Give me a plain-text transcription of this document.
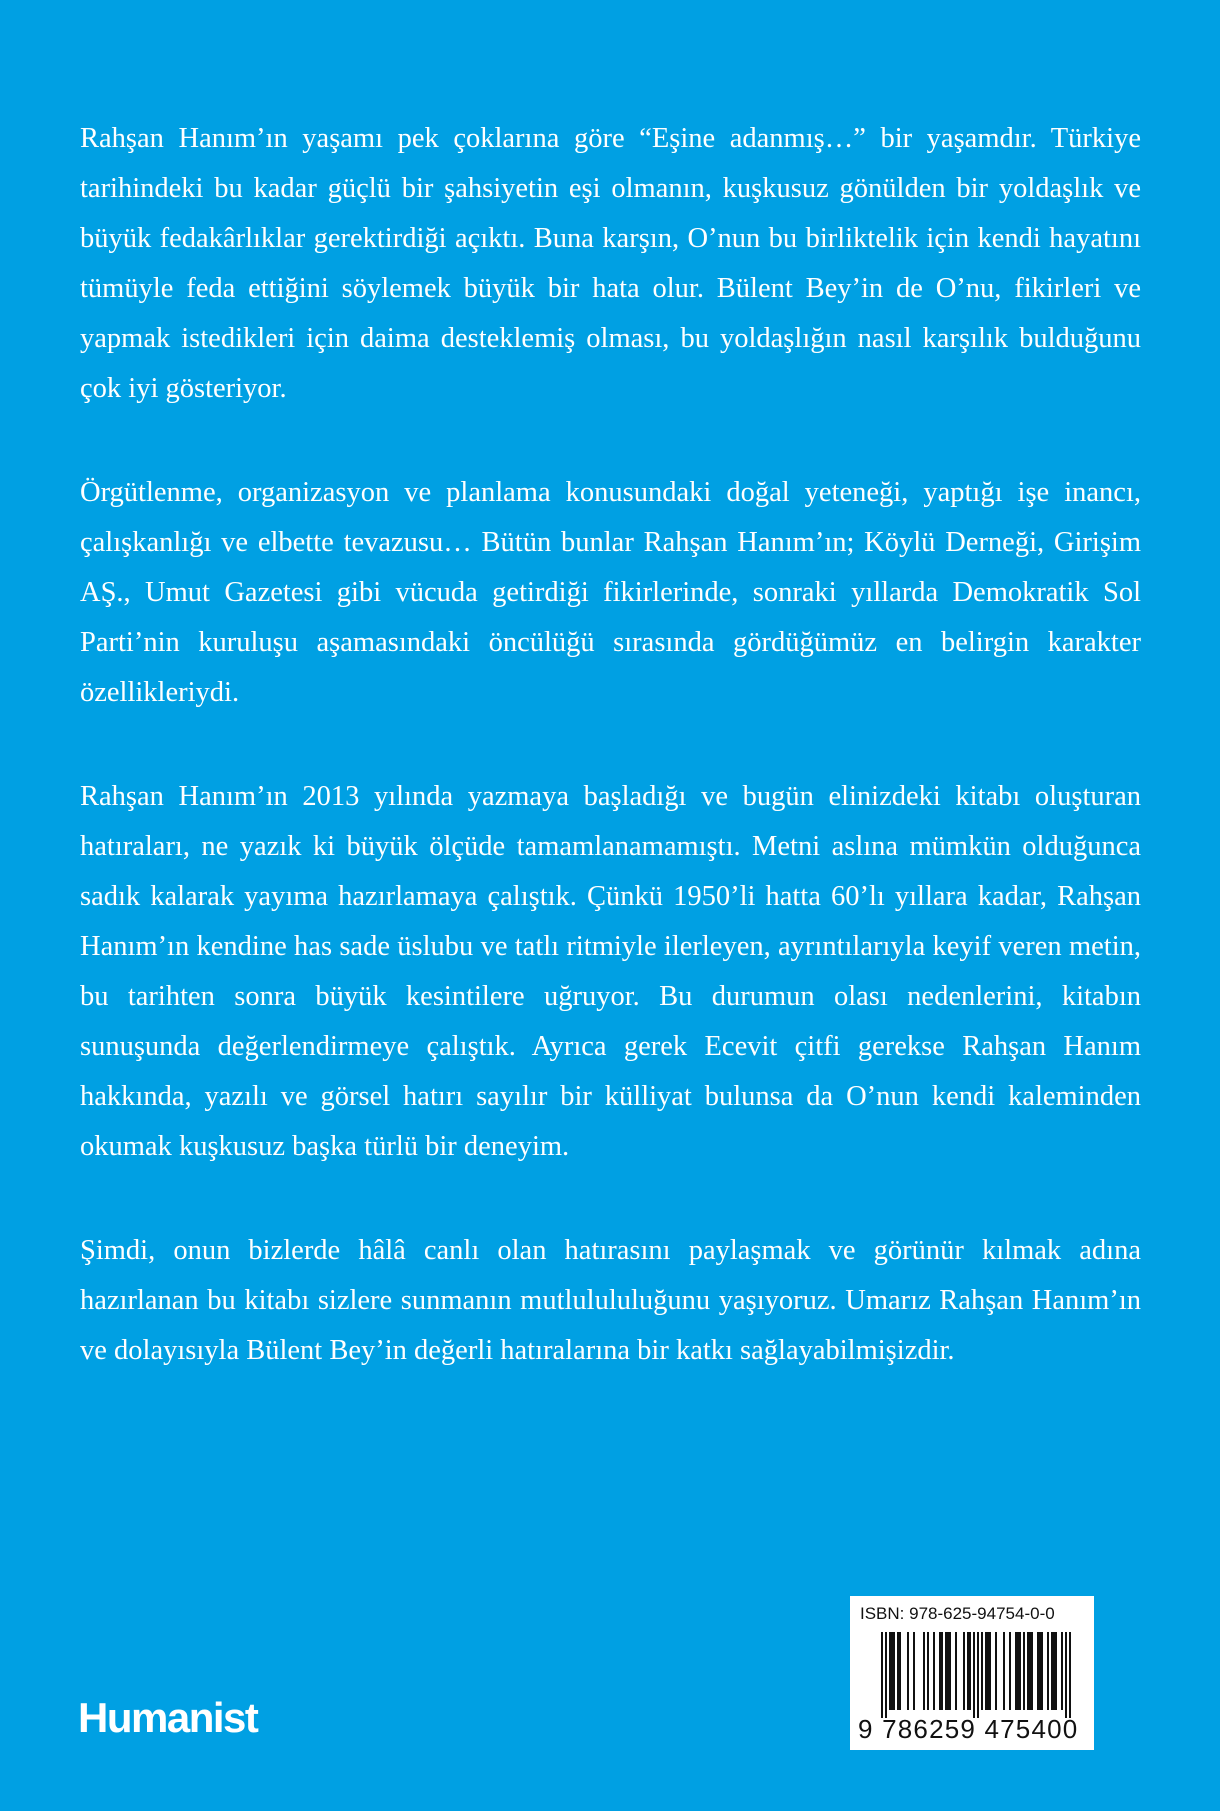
Rahşan Hanım’ın yaşamı pek çoklarına göre “Eşine adanmış…” bir yaşamdır. Türkiye tarihindeki bu kadar güçlü bir şahsiyetin eşi olmanın, kuşkusuz gönülden bir yoldaşlık ve büyük fedakârlıklar gerektirdiği açıktı. Buna karşın, O’nun bu birliktelik için kendi hayatını tümüyle feda ettiğini söylemek büyük bir hata olur. Bülent Bey’in de O’nu, fikirleri ve yapmak istedikleri için daima desteklemiş olması, bu yoldaşlığın nasıl karşılık bulduğunu çok iyi gösteriyor.

Örgütlenme, organizasyon ve planlama konusundaki doğal yeteneği, yaptığı işe inancı, çalışkanlığı ve elbette tevazusu… Bütün bunlar Rahşan Hanım’ın; Köylü Derneği, Girişim AŞ., Umut Gazetesi gibi vücuda getirdiği fikirlerinde, sonraki yıllarda Demokratik Sol Parti’nin kuruluşu aşamasındaki öncülüğü sırasında gördüğümüz en belirgin karakter özellikleriydi.

Rahşan Hanım’ın 2013 yılında yazmaya başladığı ve bugün elinizdeki kitabı oluşturan hatıraları, ne yazık ki büyük ölçüde tamamlanamamıştı. Metni aslına mümkün olduğunca sadık kalarak yayıma hazırlamaya çalıştık. Çünkü 1950’li hatta 60’lı yıllara kadar, Rahşan Hanım’ın kendine has sade üslubu ve tatlı ritmiyle ilerleyen, ayrıntılarıyla keyif veren metin, bu tarihten sonra büyük kesintilere uğruyor. Bu durumun olası nedenlerini, kitabın sunuşunda değerlendirmeye çalıştık. Ayrıca gerek Ecevit çitfi gerekse Rahşan Hanım hakkında, yazılı ve görsel hatırı sayılır bir külliyat bulunsa da O’nun kendi kaleminden okumak kuşkusuz başka türlü bir deneyim.

Şimdi, onun bizlerde hâlâ canlı olan hatırasını paylaşmak ve görünür kılmak adına hazırlanan bu kitabı sizlere sunmanın mutlulululuğunu yaşıyoruz. Umarız Rahşan Hanım’ın ve dolayısıyla Bülent Bey’in değerli hatıralarına bir katkı sağlayabilmişizdir.

Humanist
ISBN: 978-625-94754-0-0
9 786259 475400
